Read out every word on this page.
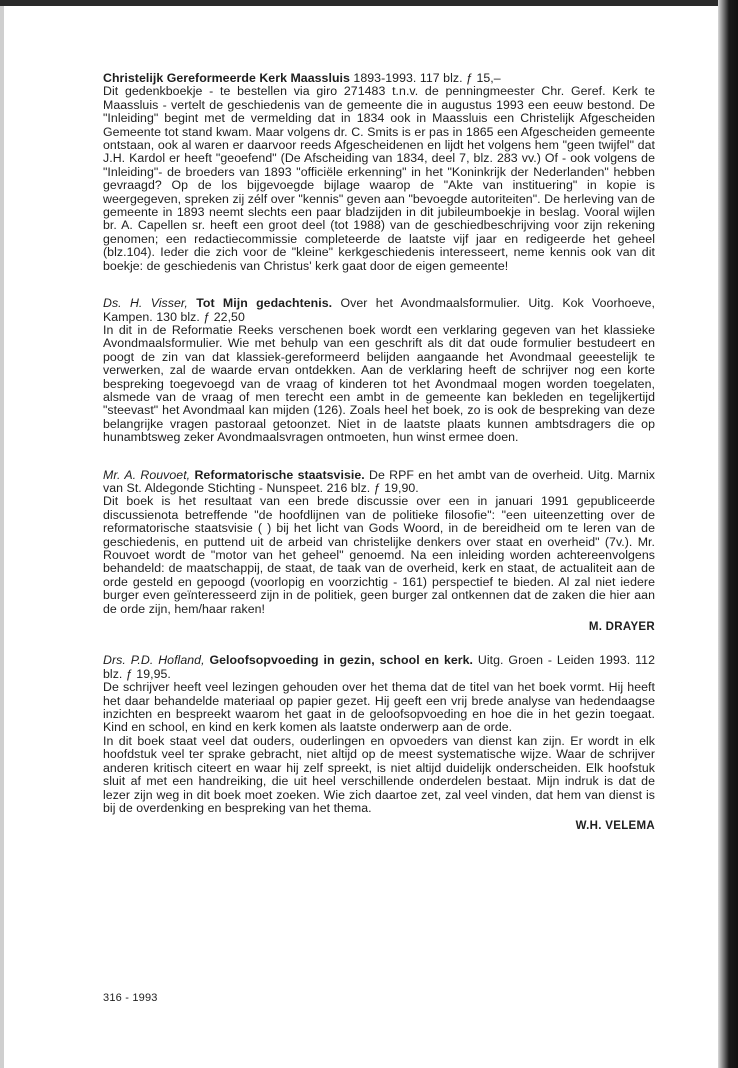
Christelijk Gereformeerde Kerk Maassluis 1893-1993. 117 blz. ƒ 15,–

Dit gedenkboekje - te bestellen via giro 271483 t.n.v. de penningmeester Chr. Geref. Kerk te Maassluis - vertelt de geschiedenis van de gemeente die in augustus 1993 een eeuw bestond. De "Inleiding" begint met de vermelding dat in 1834 ook in Maassluis een Christelijk Afgescheiden Gemeente tot stand kwam. Maar volgens dr. C. Smits is er pas in 1865 een Afgescheiden gemeente ontstaan, ook al waren er daarvoor reeds Afgescheidenen en lijdt het volgens hem "geen twijfel" dat J.H. Kardol er heeft "geoefend" (De Afscheiding van 1834, deel 7, blz. 283 vv.) Of - ook volgens de "Inleiding"- de broeders van 1893 "officiële erkenning" in het "Koninkrijk der Nederlanden" hebben gevraagd? Op de los bijgevoegde bijlage waarop de "Akte van instituering" in kopie is weergegeven, spreken zij zélf over "kennis" geven aan "bevoegde autoriteiten". De herleving van de gemeente in 1893 neemt slechts een paar bladzijden in dit jubileumboekje in beslag. Vooral wijlen br. A. Capellen sr. heeft een groot deel (tot 1988) van de geschiedbeschrijving voor zijn rekening genomen; een redactiecommissie completeerde de laatste vijf jaar en redigeerde het geheel (blz.104). Ieder die zich voor de "kleine" kerkgeschiedenis interesseert, neme kennis ook van dit boekje: de geschiedenis van Christus' kerk gaat door de eigen gemeente!

Ds. H. Visser, Tot Mijn gedachtenis. Over het Avondmaalsformulier. Uitg. Kok Voorhoeve, Kampen. 130 blz. ƒ 22,50

In dit in de Reformatie Reeks verschenen boek wordt een verklaring gegeven van het klassieke Avondmaalsformulier. Wie met behulp van een geschrift als dit dat oude formulier bestudeert en poogt de zin van dat klassiek-gereformeerd belijden aangaande het Avondmaal geeestelijk te verwerken, zal de waarde ervan ontdekken. Aan de verklaring heeft de schrijver nog een korte bespreking toegevoegd van de vraag of kinderen tot het Avondmaal mogen worden toegelaten, alsmede van de vraag of men terecht een ambt in de gemeente kan bekleden en tegelijkertijd "steevast" het Avondmaal kan mijden (126). Zoals heel het boek, zo is ook de bespreking van deze belangrijke vragen pastoraal getoonzet. Niet in de laatste plaats kunnen ambtsdragers die op hunambtsweg zeker Avondmaalsvragen ontmoeten, hun winst ermee doen.

Mr. A. Rouvoet, Reformatorische staatsvisie. De RPF en het ambt van de overheid. Uitg. Marnix van St. Aldegonde Stichting - Nunspeet. 216 blz. ƒ 19,90.

Dit boek is het resultaat van een brede discussie over een in januari 1991 gepubliceerde discussienota betreffende "de hoofdlijnen van de politieke filosofie": "een uiteenzetting over de reformatorische staatsvisie ( ) bij het licht van Gods Woord, in de bereidheid om te leren van de geschiedenis, en puttend uit de arbeid van christelijke denkers over staat en overheid" (7v.). Mr. Rouvoet wordt de "motor van het geheel" genoemd. Na een inleiding worden achtereenvolgens behandeld: de maatschappij, de staat, de taak van de overheid, kerk en staat, de actualiteit aan de orde gesteld en gepoogd (voorlopig en voorzichtig - 161) perspectief te bieden. Al zal niet iedere burger even geïnteresseerd zijn in de politiek, geen burger zal ontkennen dat de zaken die hier aan de orde zijn, hem/haar raken!

M. DRAYER

Drs. P.D. Hofland, Geloofsopvoeding in gezin, school en kerk. Uitg. Groen - Leiden 1993. 112 blz. ƒ 19,95.

De schrijver heeft veel lezingen gehouden over het thema dat de titel van het boek vormt. Hij heeft het daar behandelde materiaal op papier gezet. Hij geeft een vrij brede analyse van hedendaagse inzichten en bespreekt waarom het gaat in de geloofsopvoeding en hoe die in het gezin toegaat. Kind en school, en kind en kerk komen als laatste onderwerp aan de orde.

In dit boek staat veel dat ouders, ouderlingen en opvoeders van dienst kan zijn. Er wordt in elk hoofdstuk veel ter sprake gebracht, niet altijd op de meest systematische wijze. Waar de schrijver anderen kritisch citeert en waar hij zelf spreekt, is niet altijd duidelijk onderscheiden. Elk hoofstuk sluit af met een handreiking, die uit heel verschillende onderdelen bestaat. Mijn indruk is dat de lezer zijn weg in dit boek moet zoeken. Wie zich daartoe zet, zal veel vinden, dat hem van dienst is bij de overdenking en bespreking van het thema.

W.H. VELEMA
316 - 1993
